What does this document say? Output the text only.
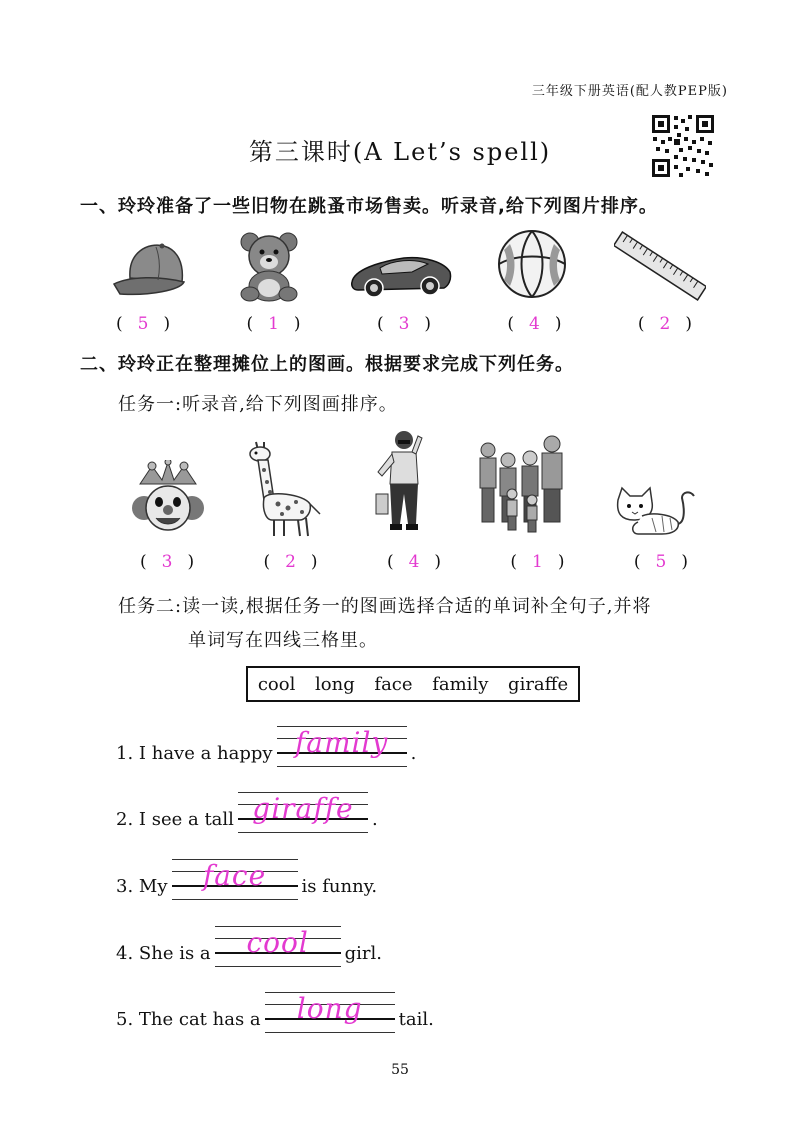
三年级下册英语(配人教PEP版)
第三课时(A Let’s spell)
一、玲玲准备了一些旧物在跳蚤市场售卖。听录音,给下列图片排序。
( 5 )	( 1 )	( 3 )	( 4 )	( 2 )
二、玲玲正在整理摊位上的图画。根据要求完成下列任务。
任务一:听录音,给下列图画排序。
( 3 )	( 2 )	( 4 )	( 1 )	( 5 )
任务二:读一读,根据任务一的图画选择合适的单词补全句子,并将
单词写在四线三格里。
cool long face family giraffe
1. I have a happy family	.
2. I see a tall giraffe	.
3. My	face	is funny.
4. She is a	cool	girl.
5. The cat has a	long	tail.
55
